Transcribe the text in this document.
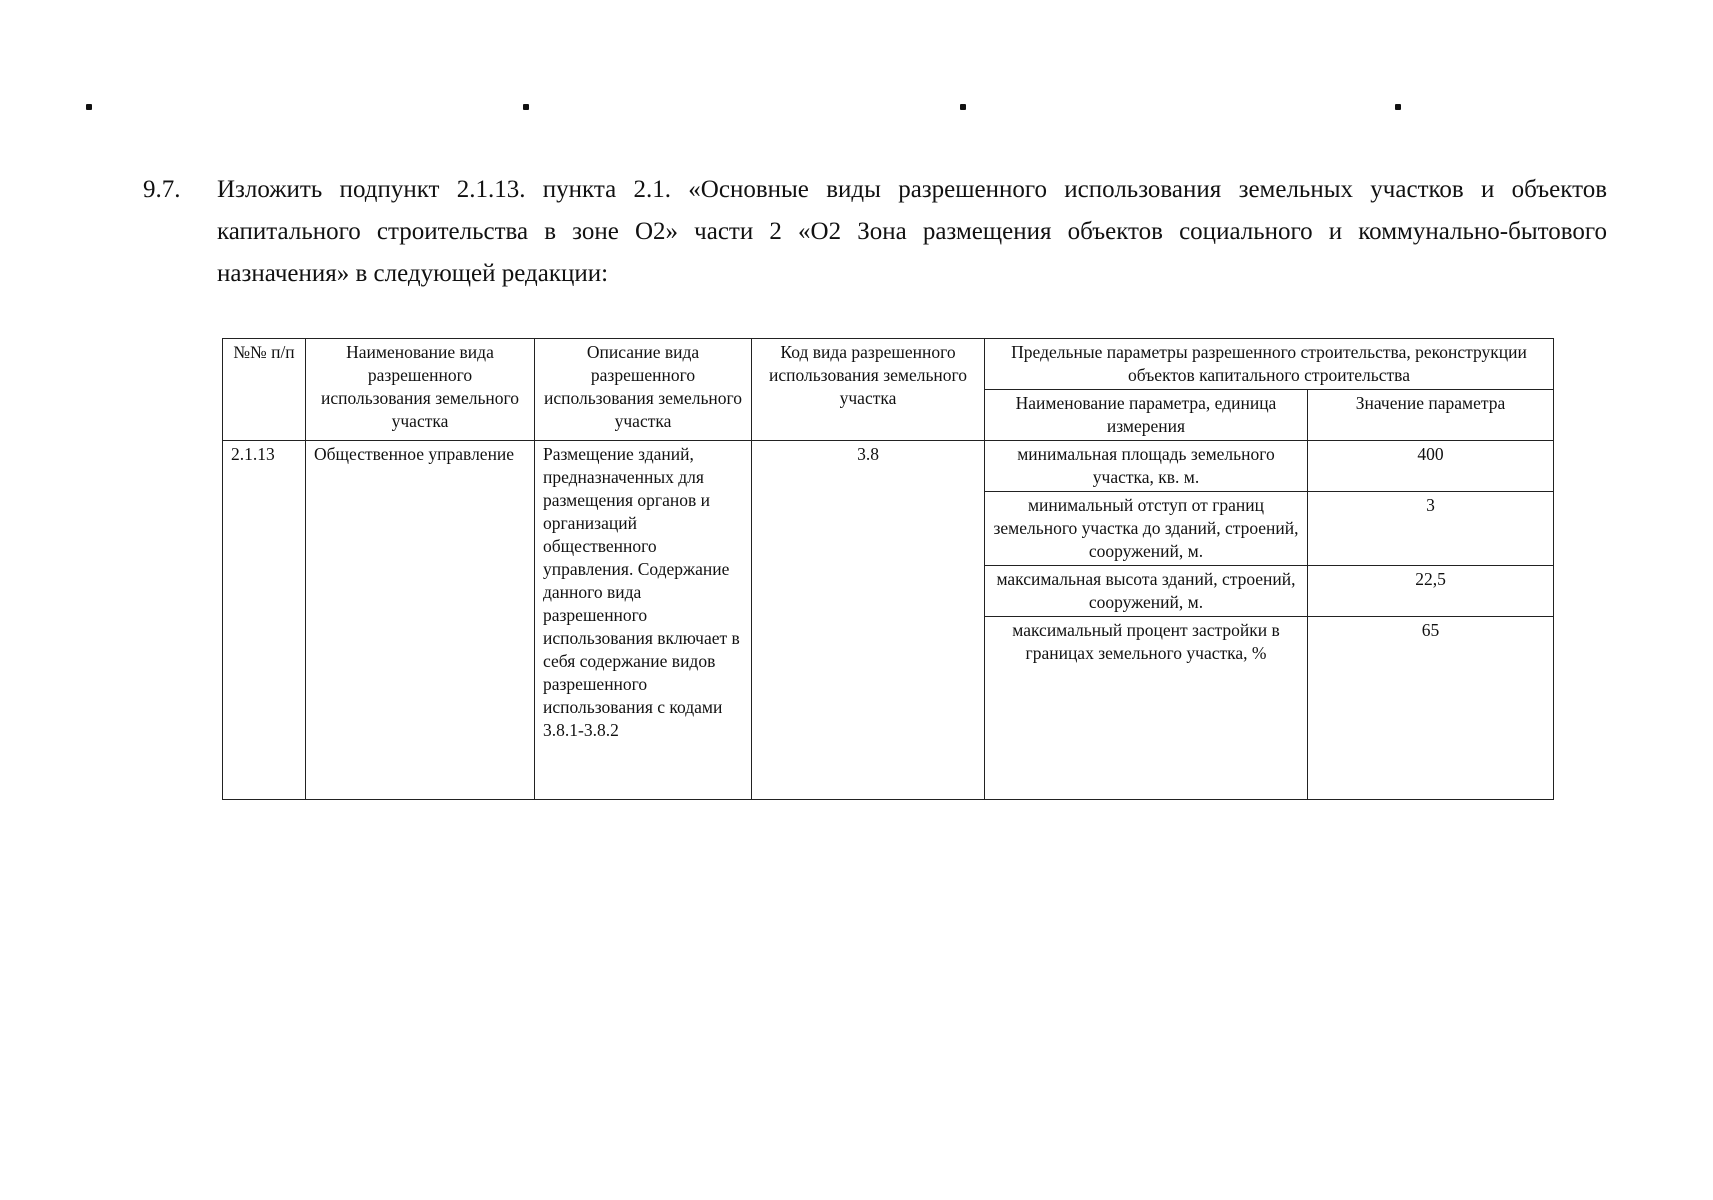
9.7. Изложить подпункт 2.1.13. пункта 2.1. «Основные виды разрешенного использования земельных участков и объектов капитального строительства в зоне О2» части 2 «О2 Зона размещения объектов социального и коммунально-бытового назначения» в следующей редакции:
№№ п/п	Наименование вида разрешенного использования земельного участка	Описание вида разрешенного использования земельного участка	Код вида разрешенного использования земельного участка	Предельные параметры разрешенного строительства, реконструкции объектов капитального строительства	
				Наименование параметра, единица измерения	Значение параметра
2.1.13	Общественное управление	Размещение зданий, предназначенных для размещения органов и организаций общественного управления. Содержание данного вида разрешенного использования включает в себя содержание видов разрешенного использования с кодами 3.8.1-3.8.2	3.8	минимальная площадь земельного участка, кв. м.	400
				минимальный отступ от границ земельного участка до зданий, строений, сооружений, м.	3
				максимальная высота зданий, строений, сооружений, м.	22,5
				максимальный процент застройки в границах земельного участка, %	65
